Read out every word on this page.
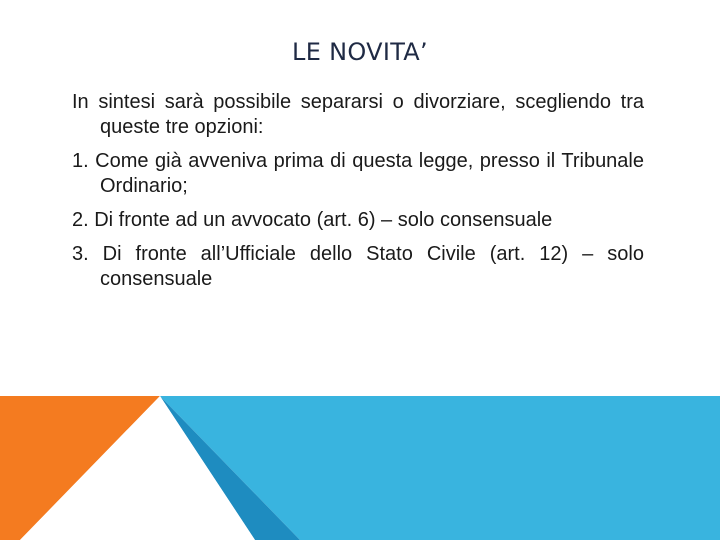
LE NOVITA’

In sintesi sarà possibile separarsi o divorziare, scegliendo tra queste tre opzioni:

1. Come già avveniva prima di questa legge, presso il Tribunale Ordinario;

2. Di fronte ad un avvocato (art. 6) – solo consensuale

3. Di fronte all’Ufficiale dello Stato Civile (art. 12) – solo consensuale
